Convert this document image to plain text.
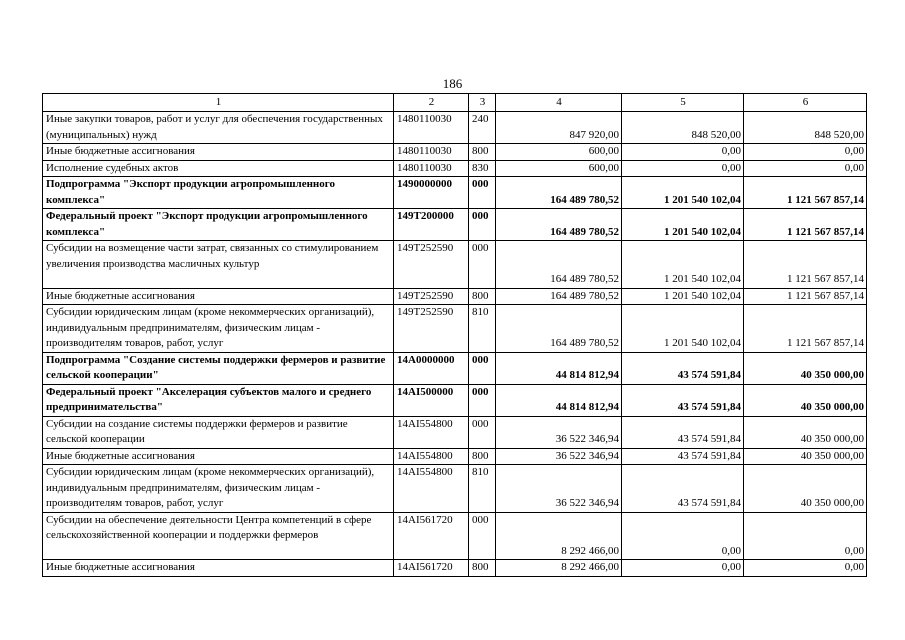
186
1	2	3	4	5	6
Иные закупки товаров, работ и услуг для обеспечения государственных (муниципальных) нужд	1480110030	240	847 920,00	848 520,00	848 520,00
Иные бюджетные ассигнования	1480110030	800	600,00	0,00	0,00
Исполнение судебных актов	1480110030	830	600,00	0,00	0,00
Подпрограмма "Экспорт продукции агропромышленного комплекса"	1490000000	000	164 489 780,52	1 201 540 102,04	1 121 567 857,14
Федеральный проект "Экспорт продукции агропромышленного комплекса"	149T200000	000	164 489 780,52	1 201 540 102,04	1 121 567 857,14
Субсидии на возмещение части затрат, связанных со стимулированием увеличения производства масличных культур	149T252590	000	164 489 780,52	1 201 540 102,04	1 121 567 857,14
Иные бюджетные ассигнования	149T252590	800	164 489 780,52	1 201 540 102,04	1 121 567 857,14
Субсидии юридическим лицам (кроме некоммерческих организаций), индивидуальным предпринимателям, физическим лицам - производителям товаров, работ, услуг	149T252590	810	164 489 780,52	1 201 540 102,04	1 121 567 857,14
Подпрограмма "Создание системы поддержки фермеров и развитие сельской кооперации"	14A0000000	000	44 814 812,94	43 574 591,84	40 350 000,00
Федеральный проект "Акселерация субъектов малого и среднего предпринимательства"	14AI500000	000	44 814 812,94	43 574 591,84	40 350 000,00
Субсидии на создание системы поддержки фермеров и развитие сельской кооперации	14AI554800	000	36 522 346,94	43 574 591,84	40 350 000,00
Иные бюджетные ассигнования	14AI554800	800	36 522 346,94	43 574 591,84	40 350 000,00
Субсидии юридическим лицам (кроме некоммерческих организаций), индивидуальным предпринимателям, физическим лицам - производителям товаров, работ, услуг	14AI554800	810	36 522 346,94	43 574 591,84	40 350 000,00
Субсидии на обеспечение деятельности Центра компетенций в сфере сельскохозяйственной кооперации и поддержки фермеров	14AI561720	000	8 292 466,00	0,00	0,00
Иные бюджетные ассигнования	14AI561720	800	8 292 466,00	0,00	0,00
